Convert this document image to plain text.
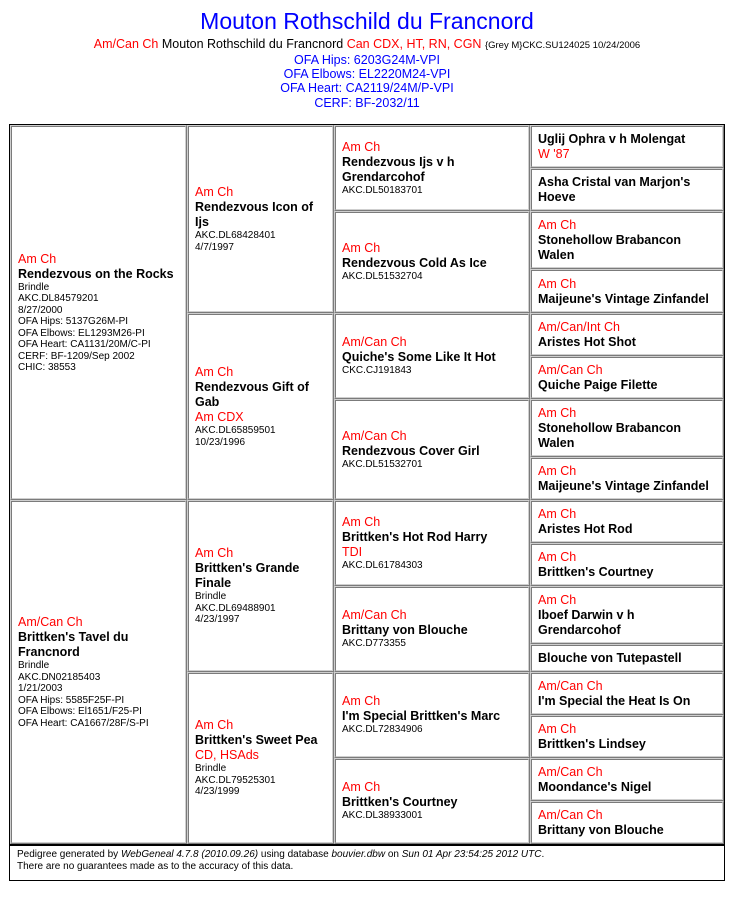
Mouton Rothschild du Francnord
Am/Can Ch Mouton Rothschild du Francnord Can CDX, HT, RN, CGN {Grey M}CKC.SU124025 10/24/2006
OFA Hips: 6203G24M-VPI
OFA Elbows: EL2220M24-VPI
OFA Heart: CA2119/24M/P-VPI
CERF: BF-2032/11
Am Ch
Rendezvous on the Rocks
Brindle
AKC.DL84579201
8/27/2000
OFA Hips: 5137G26M-PI
OFA Elbows: EL1293M26-PI
OFA Heart: CA1131/20M/C-PI
CERF: BF-1209/Sep 2002
CHIC: 38553
Am/Can Ch
Brittken's Tavel du Francnord
Brindle
AKC.DN02185403
1/21/2003
OFA Hips: 5585F25F-PI
OFA Elbows: El1651/F25-PI
OFA Heart: CA1667/28F/S-PI
Am Ch
Rendezvous Icon of Ijs
AKC.DL68428401
4/7/1997
Am Ch
Rendezvous Gift of Gab
Am CDX
AKC.DL65859501
10/23/1996
Am Ch
Brittken's Grande Finale
Brindle
AKC.DL69488901
4/23/1997
Am Ch
Brittken's Sweet Pea
CD, HSAds
Brindle
AKC.DL79525301
4/23/1999
Am Ch
Rendezvous Ijs v h Grendarcohof
AKC.DL50183701
Am Ch
Rendezvous Cold As Ice
AKC.DL51532704
Am/Can Ch
Quiche's Some Like It Hot
CKC.CJ191843
Am/Can Ch
Rendezvous Cover Girl
AKC.DL51532701
Am Ch
Brittken's Hot Rod Harry
TDI
AKC.DL61784303
Am/Can Ch
Brittany von Blouche
AKC.D773355
Am Ch
I'm Special Brittken's Marc
AKC.DL72834906
Am Ch
Brittken's Courtney
AKC.DL38933001
Uglij Ophra v h Molengat
W '87
Asha Cristal van Marjon's Hoeve
Am Ch
Stonehollow Brabancon Walen
Am Ch
Maijeune's Vintage Zinfandel
Am/Can/Int Ch
Aristes Hot Shot
Am/Can Ch
Quiche Paige Filette
Am Ch
Stonehollow Brabancon Walen
Am Ch
Maijeune's Vintage Zinfandel
Am Ch
Aristes Hot Rod
Am Ch
Brittken's Courtney
Am Ch
Iboef Darwin v h Grendarcohof
Blouche von Tutepastell
Am/Can Ch
I'm Special the Heat Is On
Am Ch
Brittken's Lindsey
Am/Can Ch
Moondance's Nigel
Am/Can Ch
Brittany von Blouche
Pedigree generated by WebGeneal 4.7.8 (2010.09.26) using database bouvier.dbw on Sun 01 Apr 23:54:25 2012 UTC.
There are no guarantees made as to the accuracy of this data.
